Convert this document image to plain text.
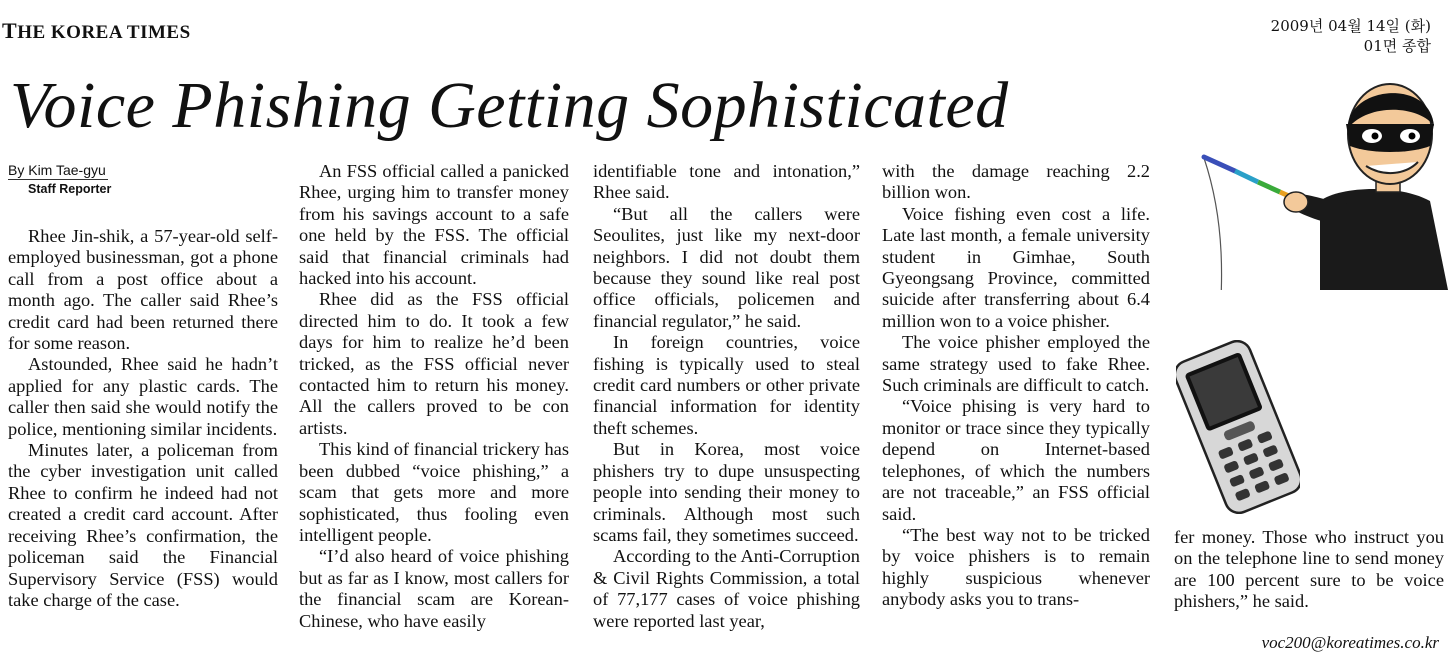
THE KOREA TIMES	2009년 04월 14일 (화)
01면 종합
Voice Phishing Getting Sophisticated
By Kim Tae-gyu
Staff Reporter

Rhee Jin-shik, a 57-year-old self-employed businessman, got a phone call from a post office about a month ago. The caller said Rhee’s credit card had been returned there for some reason.

Astounded, Rhee said he hadn’t applied for any plastic cards. The caller then said she would notify the police, mentioning similar incidents.

Minutes later, a policeman from the cyber investigation unit called Rhee to confirm he indeed had not created a credit card account. After receiving Rhee’s confirmation, the policeman said the Financial Supervisory Service (FSS) would take charge of the case.

An FSS official called a panicked Rhee, urging him to transfer money from his savings account to a safe one held by the FSS. The official said that financial criminals had hacked into his account.

Rhee did as the FSS official directed him to do. It took a few days for him to realize he’d been tricked, as the FSS official never contacted him to return his money. All the callers proved to be con artists.

This kind of financial trickery has been dubbed “voice phishing,” a scam that gets more and more sophisticated, thus fooling even intelligent people.

“I’d also heard of voice phishing but as far as I know, most callers for the financial scam are Korean-Chinese, who have easily

identifiable tone and intonation,” Rhee said.

“But all the callers were Seoulites, just like my next-door neighbors. I did not doubt them because they sound like real post office officials, policemen and financial regulator,” he said.

In foreign countries, voice fishing is typically used to steal credit card numbers or other private financial information for identity theft schemes.

But in Korea, most voice phishers try to dupe unsuspecting people into sending their money to criminals. Although most such scams fail, they sometimes succeed.

According to the Anti-Corruption & Civil Rights Commission, a total of 77,177 cases of voice phishing were reported last year,

with the damage reaching 2.2 billion won.

Voice fishing even cost a life. Late last month, a female university student in Gimhae, South Gyeongsang Province, committed suicide after transferring about 6.4 million won to a voice phisher.

The voice phisher employed the same strategy used to fake Rhee. Such criminals are difficult to catch.

“Voice phising is very hard to monitor or trace since they typically depend on Internet-based telephones, of which the numbers are not traceable,” an FSS official said.

“The best way not to be tricked by voice phishers is to remain highly suspicious whenever anybody asks you to trans-

fer money. Those who instruct you on the telephone line to send money are 100 percent sure to be voice phishers,” he said.

voc200@koreatimes.co.kr
